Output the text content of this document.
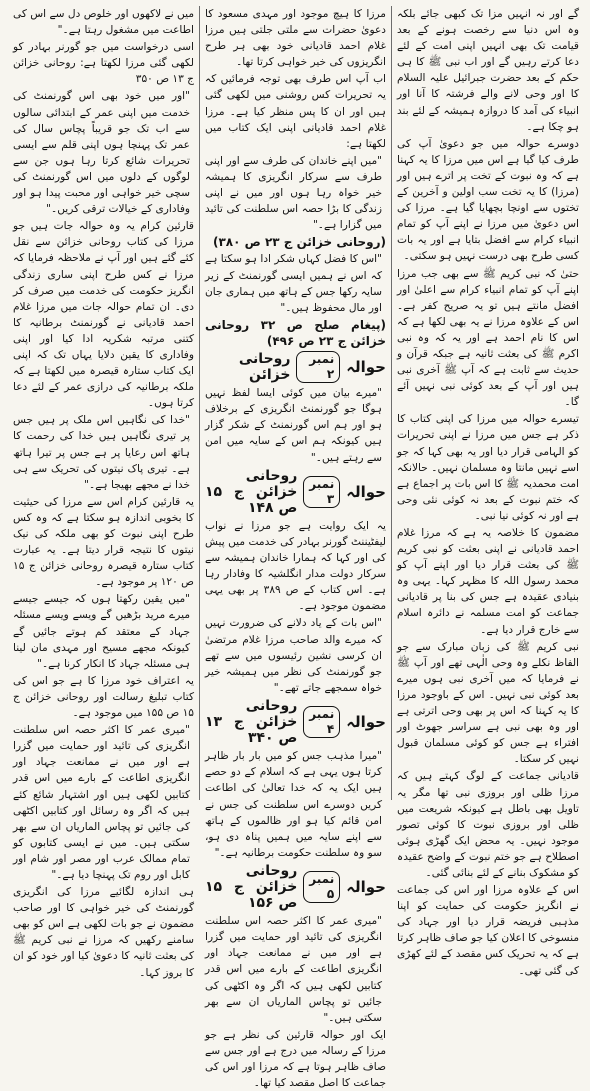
گے اور نہ انہیں مزا تک کبھی جائے بلکہ وہ اس دنیا سے رخصت ہونے کے بعد قیامت تک بھی انہیں اپنی امت کے لئے دعا کرتے رہیں گے اور اب نبی ﷺ کا ہی حکم کے بعد حضرت جبرائیل علیہ السلام کا اور وحی لانے والے فرشتہ کا آنا اور انبیاء کی آمد کا دروازہ ہمیشہ کے لئے بند ہو چکا ہے۔

دوسرے حوالہ میں جو دعویٰ آپ کی طرف کیا گیا ہے اس میں مرزا کا یہ کہنا ہے کہ وہ نبوت کے تخت پر اترے ہیں اور (مرزا) کا یہ تخت سب اولین و آخرین کے تختوں سے اونچا بچھایا گیا ہے۔ مرزا کی اس دعویٰ میں مرزا نے اپنے آپ کو تمام انبیاء کرام سے افضل بتایا ہے اور یہ بات کسی طرح بھی درست نہیں ہو سکتی۔

حتیٰ کہ نبی کریم ﷺ سے بھی جب مرزا اپنے آپ کو تمام انبیاء کرام سے اعلیٰ اور افضل مانتے ہیں تو یہ صریح کفر ہے۔ اس کے علاوہ مرزا نے یہ بھی لکھا ہے کہ اس کا نام احمد ہے اور یہ کہ وہ نبی اکرم ﷺ کی بعثت ثانیہ ہے جبکہ قرآن و حدیث سے ثابت ہے کہ آپ ﷺ آخری نبی ہیں اور آپ کے بعد کوئی نبی نہیں آئے گا۔

تیسرے حوالہ میں مرزا کی اپنی کتاب کا ذکر ہے جس میں مرزا نے اپنی تحریرات کو الہامی قرار دیا اور یہ بھی کہا کہ جو اسے نہیں مانتا وہ مسلمان نہیں۔ حالانکہ امت محمدیہ ﷺ کا اس بات پر اجماع ہے کہ ختم نبوت کے بعد نہ کوئی نئی وحی ہے اور نہ کوئی نیا نبی۔

مضمون کا خلاصہ یہ ہے کہ مرزا غلام احمد قادیانی نے اپنی بعثت کو نبی کریم ﷺ کی بعثت قرار دیا اور اپنے آپ کو محمد رسول اللہ کا مظہر کہا۔ یہی وہ بنیادی عقیدہ ہے جس کی بنا پر قادیانی جماعت کو امت مسلمہ نے دائرہ اسلام سے خارج قرار دیا ہے۔

نبی کریم ﷺ کی زبان مبارک سے جو الفاظ نکلے وہ وحی الٰہی تھے اور آپ ﷺ نے فرمایا کہ میں آخری نبی ہوں میرے بعد کوئی نبی نہیں۔ اس کے باوجود مرزا کا یہ کہنا کہ اس پر بھی وحی اترتی ہے اور وہ بھی نبی ہے سراسر جھوٹ اور افتراء ہے جس کو کوئی مسلمان قبول نہیں کر سکتا۔

قادیانی جماعت کے لوگ کہتے ہیں کہ مرزا ظلی اور بروزی نبی تھا مگر یہ تاویل بھی باطل ہے کیونکہ شریعت میں ظلی اور بروزی نبوت کا کوئی تصور موجود نہیں۔ یہ محض ایک گھڑی ہوئی اصطلاح ہے جو ختم نبوت کے واضح عقیدہ کو مشکوک بنانے کے لئے بنائی گئی۔

اس کے علاوہ مرزا اور اس کی جماعت نے انگریز حکومت کی حمایت کو اپنا مذہبی فریضہ قرار دیا اور جہاد کی منسوخی کا اعلان کیا جو صاف ظاہر کرتا ہے کہ یہ تحریک کس مقصد کے لئے کھڑی کی گئی تھی۔

مرزا کا ہیچ موجود اور مہدی مسعود کا دعویٰ حضرات سے ملتی جلتی ہیں مرزا غلام احمد قادیانی خود بھی ہر طرح انگریزوں کی خیر خواہی کرتا تھا۔

اب آپ اس طرف بھی توجہ فرمائیں کہ یہ تحریرات کس روشنی میں لکھی گئی ہیں اور ان کا پس منظر کیا ہے۔ مرزا غلام احمد قادیانی اپنی ایک کتاب میں لکھتا ہے:

"میں اپنے خاندان کی طرف سے اور اپنی طرف سے سرکار انگریزی کا ہمیشہ خیر خواہ رہا ہوں اور میں نے اپنی زندگی کا بڑا حصہ اس سلطنت کی تائید میں گزارا ہے۔"

(روحانی خزائن ج ۲۳ ص ۳۸۰)

"اس کا فضل کہاں شکر ادا ہو سکتا ہے کہ اس نے ہمیں ایسی گورنمنٹ کے زیر سایہ رکھا جس کے ہاتھ میں ہماری جان اور مال محفوظ ہیں۔"

(پیغام صلح ص ۳۲ روحانی خزائن ج ۲۳ ص ۴۹۶)
حوالہ
نمبر ۲
روحانی خزائن

"میرے بیان میں کوئی ایسا لفظ نہیں ہوگا جو گورنمنٹ انگریزی کے برخلاف ہو اور ہم اس گورنمنٹ کے شکر گزار ہیں کیونکہ ہم اس کے سایہ میں امن سے رہتے ہیں۔"

حوالہ
نمبر ۳
روحانی خزائن ج ۱۵ ص ۱۴۸

یہ ایک روایت ہے جو مرزا نے نواب لیفٹیننٹ گورنر بہادر کی خدمت میں پیش کی اور کہا کہ ہمارا خاندان ہمیشہ سے سرکار دولت مدار انگلشیہ کا وفادار رہا ہے۔ اس کتاب کے ص ۳۸۹ پر بھی یہی مضمون موجود ہے۔

"اس بات کے یاد دلانے کی ضرورت نہیں کہ میرے والد صاحب مرزا غلام مرتضیٰ ان کرسی نشین رئیسوں میں سے تھے جو گورنمنٹ کی نظر میں ہمیشہ خیر خواہ سمجھے جاتے تھے۔"

حوالہ
نمبر ۴
روحانی خزائن ج ۱۳ ص ۳۴۰

"میرا مذہب جس کو میں بار بار ظاہر کرتا ہوں یہی ہے کہ اسلام کے دو حصے ہیں ایک یہ کہ خدا تعالیٰ کی اطاعت کریں دوسرے اس سلطنت کی جس نے امن قائم کیا ہو اور ظالموں کے ہاتھ سے اپنے سایہ میں ہمیں پناہ دی ہو، سو وہ سلطنت حکومت برطانیہ ہے۔"

حوالہ
نمبر ۵
روحانی خزائن ج ۱۵ ص ۱۵۶

"میری عمر کا اکثر حصہ اس سلطنت انگریزی کی تائید اور حمایت میں گزرا ہے اور میں نے ممانعت جہاد اور انگریزی اطاعت کے بارے میں اس قدر کتابیں لکھی ہیں کہ اگر وہ اکٹھی کی جائیں تو پچاس الماریاں ان سے بھر سکتی ہیں۔"

ایک اور حوالہ قارئین کی نظر ہے جو مرزا کے رسالہ میں درج ہے اور جس سے صاف ظاہر ہوتا ہے کہ مرزا اور اس کی جماعت کا اصل مقصد کیا تھا۔

میں نے لاکھوں اور خلوص دل سے اس کی اطاعت میں مشغول رہتا ہے۔"

اسی درخواست میں جو گورنر بہادر کو لکھی گئی مرزا لکھتا ہے: روحانی خزائن ج ۱۳ ص ۳۵۰

"اور میں خود بھی اس گورنمنٹ کی خدمت میں اپنی عمر کے ابتدائی سالوں سے اب تک جو قریباً پچاس سال کی عمر تک پہنچا ہوں اپنی قلم سے ایسی تحریرات شائع کرتا رہا ہوں جن سے لوگوں کے دلوں میں اس گورنمنٹ کی سچی خیر خواہی اور محبت پیدا ہو اور وفاداری کے خیالات ترقی کریں۔"

قارئین کرام یہ وہ حوالہ جات ہیں جو مرزا کی کتاب روحانی خزائن سے نقل کئے گئے ہیں اور آپ نے ملاحظہ فرمایا کہ مرزا نے کس طرح اپنی ساری زندگی انگریز حکومت کی خدمت میں صرف کر دی۔ ان تمام حوالہ جات میں مرزا غلام احمد قادیانی نے گورنمنٹ برطانیہ کا کتنی مرتبہ شکریہ ادا کیا اور اپنی وفاداری کا یقین دلایا یہاں تک کہ اپنی ایک کتاب ستارہ قیصرہ میں لکھتا ہے کہ ملکہ برطانیہ کی درازی عمر کے لئے دعا کرتا ہوں۔

"خدا کی نگاہیں اس ملک پر ہیں جس پر تیری نگاہیں ہیں خدا کی رحمت کا ہاتھ اس رعایا پر ہے جس پر تیرا ہاتھ ہے۔ تیری پاک نیتوں کی تحریک سے ہی خدا نے مجھے بھیجا ہے۔"

یہ قارئین کرام اس سے مرزا کی حیثیت کا بخوبی اندازہ ہو سکتا ہے کہ وہ کس طرح اپنی نبوت کو بھی ملکہ کی نیک نیتوں کا نتیجہ قرار دیتا ہے۔ یہ عبارت کتاب ستارہ قیصرہ روحانی خزائن ج ۱۵ ص ۱۲۰ پر موجود ہے۔

"میں یقین رکھتا ہوں کہ جیسے جیسے میرے مرید بڑھیں گے ویسے ویسے مسئلہ جہاد کے معتقد کم ہوتے جائیں گے کیونکہ مجھے مسیح اور مہدی مان لینا ہی مسئلہ جہاد کا انکار کرنا ہے۔"

یہ اعتراف خود مرزا کا ہے جو اس کی کتاب تبلیغ رسالت اور روحانی خزائن ج ۱۵ ص ۱۵۵ میں موجود ہے۔

"میری عمر کا اکثر حصہ اس سلطنت انگریزی کی تائید اور حمایت میں گزرا ہے اور میں نے ممانعت جہاد اور انگریزی اطاعت کے بارے میں اس قدر کتابیں لکھی ہیں اور اشتہار شائع کئے ہیں کہ اگر وہ رسائل اور کتابیں اکٹھی کی جائیں تو پچاس الماریاں ان سے بھر سکتی ہیں۔ میں نے ایسی کتابوں کو تمام ممالک عرب اور مصر اور شام اور کابل اور روم تک پہنچا دیا ہے۔"

ہی اندازہ لگائیے مرزا کی انگریزی گورنمنٹ کی خیر خواہی کا اور صاحب مضمون نے جو بات لکھی ہے اس کو بھی سامنے رکھیں کہ مرزا نے نبی کریم ﷺ کی بعثت ثانیہ کا دعویٰ کیا اور خود کو ان کا بروز کہا۔
